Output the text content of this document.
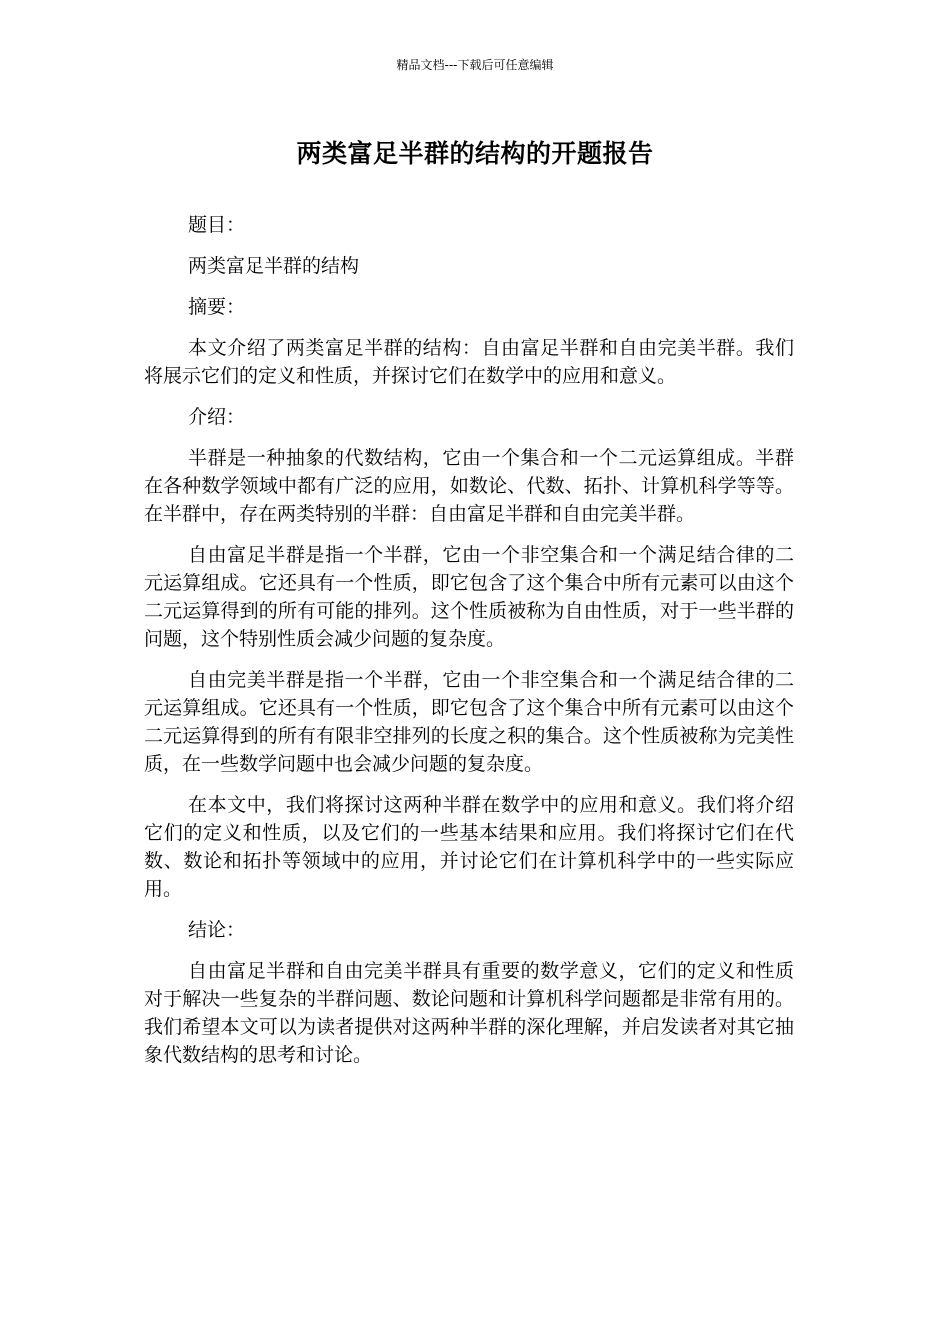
精品文档---下载后可任意编辑
两类富足半群的结构的开题报告

题目：

两类富足半群的结构

摘要：

本文介绍了两类富足半群的结构：自由富足半群和自由完美半群。我们将展示它们的定义和性质，并探讨它们在数学中的应用和意义。

介绍：

半群是一种抽象的代数结构，它由一个集合和一个二元运算组成。半群在各种数学领域中都有广泛的应用，如数论、代数、拓扑、计算机科学等等。在半群中，存在两类特别的半群：自由富足半群和自由完美半群。

自由富足半群是指一个半群，它由一个非空集合和一个满足结合律的二元运算组成。它还具有一个性质，即它包含了这个集合中所有元素可以由这个二元运算得到的所有可能的排列。这个性质被称为自由性质，对于一些半群的问题，这个特别性质会减少问题的复杂度。

自由完美半群是指一个半群，它由一个非空集合和一个满足结合律的二元运算组成。它还具有一个性质，即它包含了这个集合中所有元素可以由这个二元运算得到的所有有限非空排列的长度之积的集合。这个性质被称为完美性质，在一些数学问题中也会减少问题的复杂度。

在本文中，我们将探讨这两种半群在数学中的应用和意义。我们将介绍它们的定义和性质，以及它们的一些基本结果和应用。我们将探讨它们在代数、数论和拓扑等领域中的应用，并讨论它们在计算机科学中的一些实际应用。

结论：

自由富足半群和自由完美半群具有重要的数学意义，它们的定义和性质对于解决一些复杂的半群问题、数论问题和计算机科学问题都是非常有用的。我们希望本文可以为读者提供对这两种半群的深化理解，并启发读者对其它抽象代数结构的思考和讨论。
